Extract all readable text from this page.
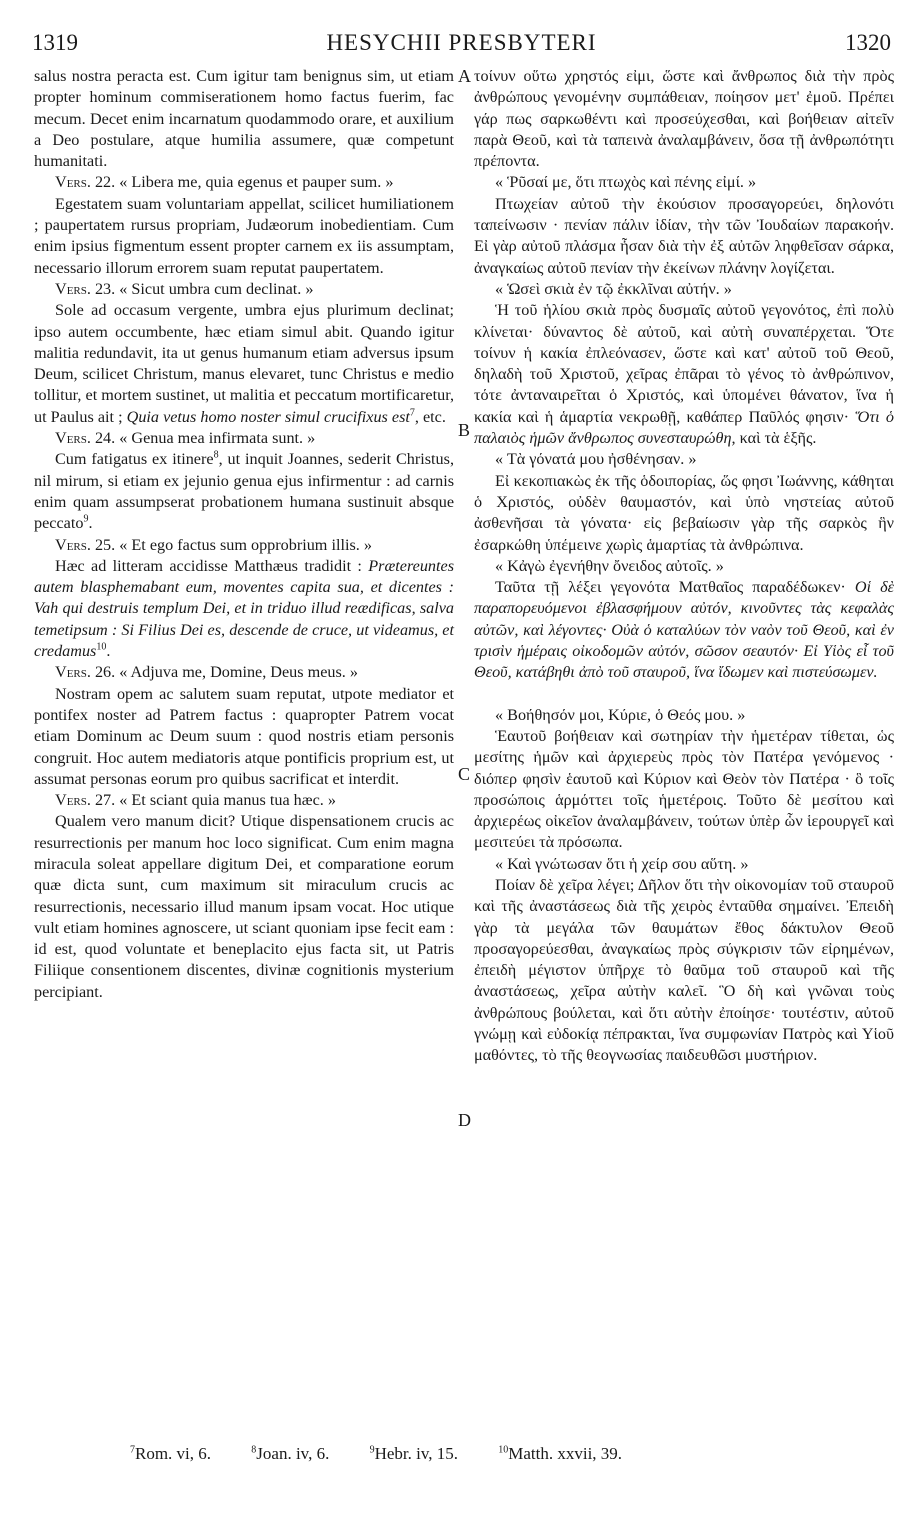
1319	HESYCHII PRESBYTERI	1320
A
B
C
D

salus nostra peracta est. Cum igitur tam benignus sim, ut etiam propter hominum commiserationem homo factus fuerim, fac mecum. Decet enim incarnatum quodammodo orare, et auxilium a Deo postulare, atque humilia assumere, quæ competunt humanitati.

Vers. 22. « Libera me, quia egenus et pauper sum. »

Egestatem suam voluntariam appellat, scilicet humiliationem ; paupertatem rursus propriam, Judæorum inobedientiam. Cum enim ipsius figmentum essent propter carnem ex iis assumptam, necessario illorum errorem suam reputat paupertatem.

Vers. 23. « Sicut umbra cum declinat. »

Sole ad occasum vergente, umbra ejus plurimum declinat; ipso autem occumbente, hæc etiam simul abit. Quando igitur malitia redundavit, ita ut genus humanum etiam adversus ipsum Deum, scilicet Christum, manus elevaret, tunc Christus e medio tollitur, et mortem sustinet, ut malitia et peccatum mortificaretur, ut Paulus ait ; Quia vetus homo noster simul crucifixus est$^7$, etc.

Vers. 24. « Genua mea infirmata sunt. »

Cum fatigatus ex itinere$^8$, ut inquit Joannes, sederit Christus, nil mirum, si etiam ex jejunio genua ejus infirmentur : ad carnis enim quam assumpserat probationem humana sustinuit absque peccato$^9$.

Vers. 25. « Et ego factus sum opprobrium illis. »

Hæc ad litteram accidisse Matthæus tradidit : Prætereuntes autem blasphemabant eum, moventes capita sua, et dicentes : Vah qui destruis templum Dei, et in triduo illud reædificas, salva temetipsum : Si Filius Dei es, descende de cruce, ut videamus, et credamus$^{10}$.

Vers. 26. « Adjuva me, Domine, Deus meus. »

Nostram opem ac salutem suam reputat, utpote mediator et pontifex noster ad Patrem factus : quapropter Patrem vocat etiam Dominum ac Deum suum : quod nostris etiam personis congruit. Hoc autem mediatoris atque pontificis proprium est, ut assumat personas eorum pro quibus sacrificat et interdit.

Vers. 27. « Et sciant quia manus tua hæc. »

Qualem vero manum dicit? Utique dispensationem crucis ac resurrectionis per manum hoc loco significat. Cum enim magna miracula soleat appellare digitum Dei, et comparatione eorum quæ dicta sunt, cum maximum sit miraculum crucis ac resurrectionis, necessario illud manum ipsam vocat. Hoc utique vult etiam homines agnoscere, ut sciant quoniam ipse fecit eam : id est, quod voluntate et beneplacito ejus facta sit, ut Patris Filiique consentionem discentes, divinæ cognitionis mysterium percipiant.

τοίνυν οὕτω χρηστός εἰμι, ὥστε καὶ ἄνθρωπος διὰ τὴν πρὸς ἀνθρώπους γενομένην συμπάθειαν, ποίησον μετ' ἐμοῦ. Πρέπει γάρ πως σαρκωθέντι καὶ προσεύχεσθαι, καὶ βοήθειαν αἰτεῖν παρὰ Θεοῦ, καὶ τὰ ταπεινὰ ἀναλαμβάνειν, ὅσα τῇ ἀνθρωπότητι πρέποντα.

« Ῥῦσαί με, ὅτι πτωχὸς καὶ πένης εἰμί. »

Πτωχείαν αὐτοῦ τὴν ἑκούσιον προσαγορεύει, δηλονότι ταπείνωσιν · πενίαν πάλιν ἰδίαν, τὴν τῶν Ἰουδαίων παρακοήν. Εἰ γὰρ αὐτοῦ πλάσμα ἦσαν διὰ τὴν ἐξ αὐτῶν ληφθεῖσαν σάρκα, ἀναγκαίως αὐτοῦ πενίαν τὴν ἐκείνων πλάνην λογίζεται.

« Ὡσεὶ σκιὰ ἐν τῷ ἐκκλῖναι αὐτήν. »

Ἡ τοῦ ἡλίου σκιὰ πρὸς δυσμαῖς αὐτοῦ γεγονότος, ἐπὶ πολὺ κλίνεται· δύναντος δὲ αὐτοῦ, καὶ αὐτὴ συναπέρχεται. Ὅτε τοίνυν ἡ κακία ἐπλεόνασεν, ὥστε καὶ κατ' αὐτοῦ τοῦ Θεοῦ, δηλαδὴ τοῦ Χριστοῦ, χεῖρας ἐπᾶραι τὸ γένος τὸ ἀνθρώπινον, τότε ἀνταναιρεῖται ὁ Χριστός, καὶ ὑπομένει θάνατον, ἵνα ἡ κακία καὶ ἡ ἁμαρτία νεκρωθῇ, καθάπερ Παῦλός φησιν· Ὅτι ὁ παλαιὸς ἡμῶν ἄνθρωπος συνεσταυρώθη, καὶ τὰ ἑξῆς.

« Τὰ γόνατά μου ἠσθένησαν. »

Εἰ κεκοπιακὼς ἐκ τῆς ὁδοιπορίας, ὥς φησι Ἰωάννης, κάθηται ὁ Χριστός, οὐδὲν θαυμαστόν, καὶ ὑπὸ νηστείας αὐτοῦ ἀσθενῆσαι τὰ γόνατα· εἰς βεβαίωσιν γὰρ τῆς σαρκὸς ἣν ἐσαρκώθη ὑπέμεινε χωρὶς ἁμαρτίας τὰ ἀνθρώπινα.

« Κἀγὼ ἐγενήθην ὄνειδος αὐτοῖς. »

Ταῦτα τῇ λέξει γεγονότα Ματθαῖος παραδέδωκεν· Οἱ δὲ παραπορευόμενοι ἐβλασφήμουν αὐτόν, κινοῦντες τὰς κεφαλὰς αὐτῶν, καὶ λέγοντες· Οὐὰ ὁ καταλύων τὸν ναὸν τοῦ Θεοῦ, καὶ ἐν τρισὶν ἡμέραις οἰκοδομῶν αὐτόν, σῶσον σεαυτόν· Εἰ Υἱὸς εἶ τοῦ Θεοῦ, κατάβηθι ἀπὸ τοῦ σταυροῦ, ἵνα ἴδωμεν καὶ πιστεύσωμεν.

« Βοήθησόν μοι, Κύριε, ὁ Θεός μου. »

Ἑαυτοῦ βοήθειαν καὶ σωτηρίαν τὴν ἡμετέραν τίθεται, ὡς μεσίτης ἡμῶν καὶ ἀρχιερεὺς πρὸς τὸν Πατέρα γενόμενος · διόπερ φησὶν ἑαυτοῦ καὶ Κύριον καὶ Θεὸν τὸν Πατέρα · ὃ τοῖς προσώποις ἁρμόττει τοῖς ἡμετέροις. Τοῦτο δὲ μεσίτου καὶ ἀρχιερέως οἰκεῖον ἀναλαμβάνειν, τούτων ὑπὲρ ὧν ἱερουργεῖ καὶ μεσιτεύει τὰ πρόσωπα.

« Καὶ γνώτωσαν ὅτι ἡ χείρ σου αὕτη. »

Ποίαν δὲ χεῖρα λέγει; Δῆλον ὅτι τὴν οἰκονομίαν τοῦ σταυροῦ καὶ τῆς ἀναστάσεως διὰ τῆς χειρὸς ἐνταῦθα σημαίνει. Ἐπειδὴ γὰρ τὰ μεγάλα τῶν θαυμάτων ἔθος δάκτυλον Θεοῦ προσαγορεύεσθαι, ἀναγκαίως πρὸς σύγκρισιν τῶν εἰρημένων, ἐπειδὴ μέγιστον ὑπῆρχε τὸ θαῦμα τοῦ σταυροῦ καὶ τῆς ἀναστάσεως, χεῖρα αὐτὴν καλεῖ. Ὃ δὴ καὶ γνῶναι τοὺς ἀνθρώπους βούλεται, καὶ ὅτι αὐτὴν ἐποίησε· τουτέστιν, αὐτοῦ γνώμῃ καὶ εὐδοκίᾳ πέπρακται, ἵνα συμφωνίαν Πατρὸς καὶ Υἱοῦ μαθόντες, τὸ τῆς θεογνωσίας παιδευθῶσι μυστήριον.

$^7$Rom. vi, 6.	$^8$Joan. iv, 6.	$^9$Hebr. iv, 15.	$^{10}$Matth. xxvii, 39.
